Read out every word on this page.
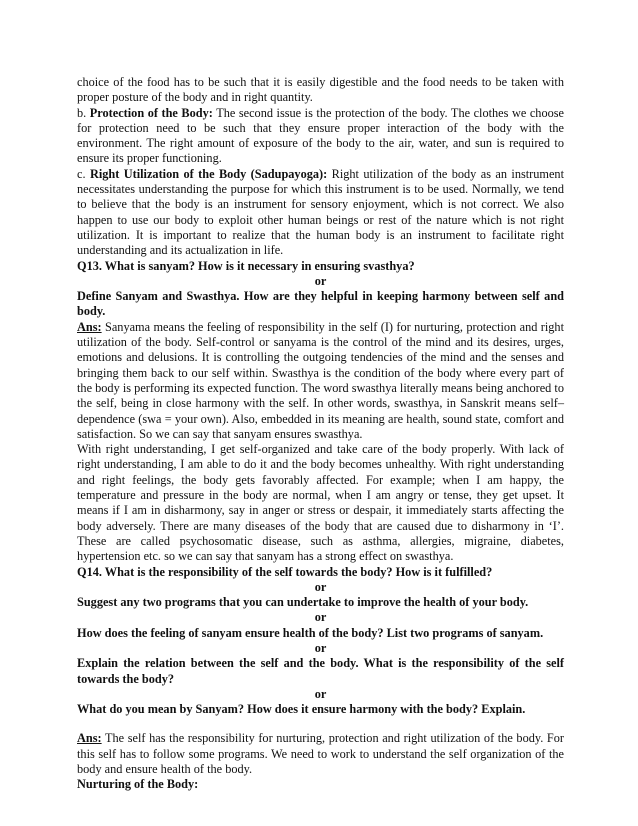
choice of the food has to be such that it is easily digestible and the food needs to be taken with proper posture of the body and in right quantity.

b. Protection of the Body: The second issue is the protection of the body. The clothes we choose for protection need to be such that they ensure proper interaction of the body with the environment. The right amount of exposure of the body to the air, water, and sun is required to ensure its proper functioning.

c. Right Utilization of the Body (Sadupayoga): Right utilization of the body as an instrument necessitates understanding the purpose for which this instrument is to be used. Normally, we tend to believe that the body is an instrument for sensory enjoyment, which is not correct. We also happen to use our body to exploit other human beings or rest of the nature which is not right utilization. It is important to realize that the human body is an instrument to facilitate right understanding and its actualization in life.

Q13. What is sanyam? How is it necessary in ensuring svasthya?

or

Define Sanyam and Swasthya. How are they helpful in keeping harmony between self and body.

Ans: Sanyama means the feeling of responsibility in the self (I) for nurturing, protection and right utilization of the body. Self-control or sanyama is the control of the mind and its desires, urges, emotions and delusions. It is controlling the outgoing tendencies of the mind and the senses and bringing them back to our self within. Swasthya is the condition of the body where every part of the body is performing its expected function. The word swasthya literally means being anchored to the self, being in close harmony with the self. In other words, swasthya, in Sanskrit means self– dependence (swa = your own). Also, embedded in its meaning are health, sound state, comfort and satisfaction. So we can say that sanyam ensures swasthya.

With right understanding, I get self-organized and take care of the body properly. With lack of right understanding, I am able to do it and the body becomes unhealthy. With right understanding and right feelings, the body gets favorably affected. For example; when I am happy, the temperature and pressure in the body are normal, when I am angry or tense, they get upset. It means if I am in disharmony, say in anger or stress or despair, it immediately starts affecting the body adversely. There are many diseases of the body that are caused due to disharmony in ‘I’. These are called psychosomatic disease, such as asthma, allergies, migraine, diabetes, hypertension etc. so we can say that sanyam has a strong effect on swasthya.

Q14. What is the responsibility of the self towards the body? How is it fulfilled?

or

Suggest any two programs that you can undertake to improve the health of your body.

or

How does the feeling of sanyam ensure health of the body? List two programs of sanyam.

or

Explain the relation between the self and the body. What is the responsibility of the self towards the body?

or

What do you mean by Sanyam? How does it ensure harmony with the body? Explain.

Ans: The self has the responsibility for nurturing, protection and right utilization of the body. For this self has to follow some programs. We need to work to understand the self organization of the body and ensure health of the body.

Nurturing of the Body:
